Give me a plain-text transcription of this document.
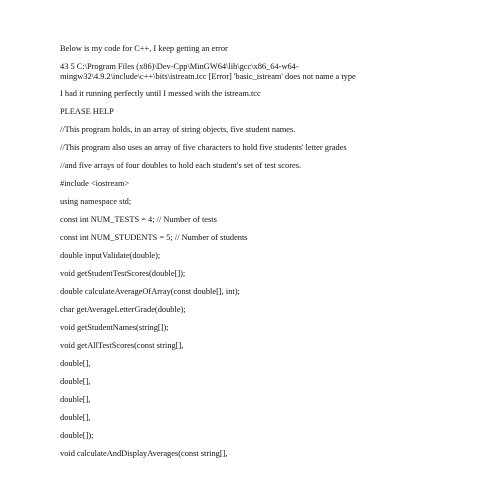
Below is my code for C++, I keep getting an error
43 5 C:\Program Files (x86)\Dev-Cpp\MinGW64\lib\gcc\x86_64-w64-
mingw32\4.9.2\include\c++\bits\istream.tcc [Error] 'basic_istream' does not name a type
I had it running perfectly until I messed with the istream.tcc
PLEASE HELP
//This program holds, in an array of string objects, five student names.
//This program also uses an array of five characters to hold five students' letter grades
//and five arrays of four doubles to hold each student's set of test scores.
#include <iostream>
using namespace std;
const int NUM_TESTS = 4; // Number of tests
const int NUM_STUDENTS = 5; // Number of students
double inputValidate(double);
void getStudentTestScores(double[]);
double calculateAverageOfArray(const double[], int);
char getAverageLetterGrade(double);
void getStudentNames(string[]);
void getAllTestScores(const string[],
double[],
double[],
double[],
double[],
double[]);
void calculateAndDisplayAverages(const string[],
